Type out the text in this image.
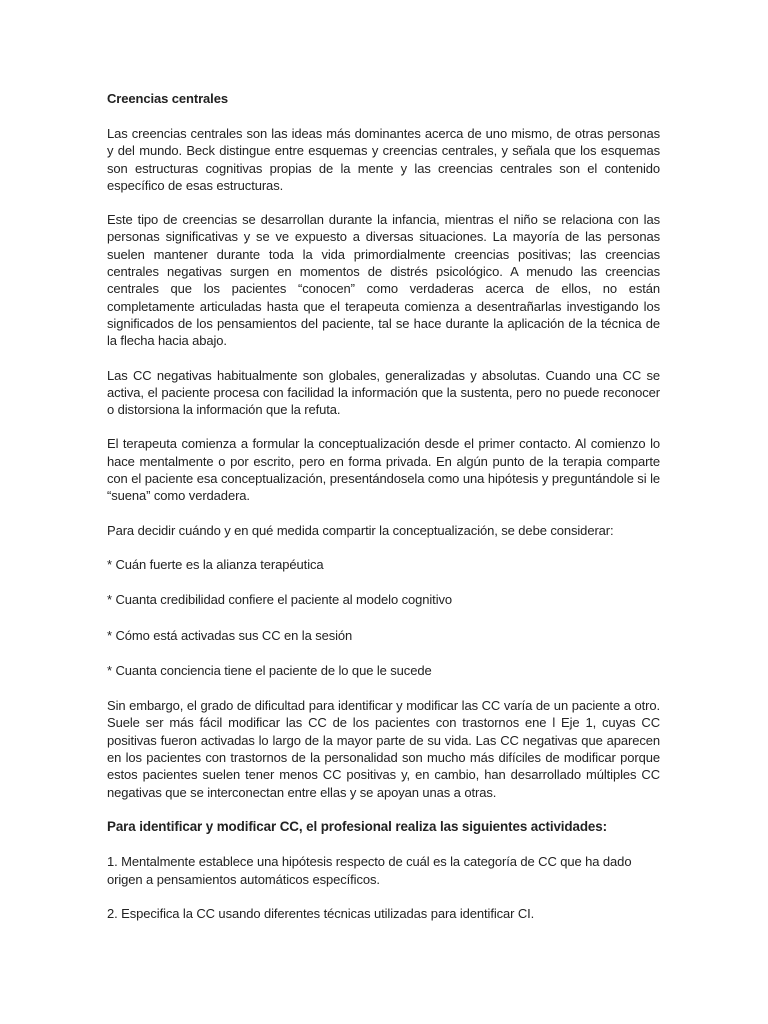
Creencias centrales

Las creencias centrales son las ideas más dominantes acerca de uno mismo, de otras personas y del mundo. Beck distingue entre esquemas y creencias centrales, y señala que los esquemas son estructuras cognitivas propias de la mente y las creencias centrales son el contenido específico de esas estructuras.

Este tipo de creencias se desarrollan durante la infancia, mientras el niño se relaciona con las personas significativas y se ve expuesto a diversas situaciones. La mayoría de las personas suelen mantener durante toda la vida primordialmente creencias positivas; las creencias centrales negativas surgen en momentos de distrés psicológico. A menudo las creencias centrales que los pacientes “conocen” como verdaderas acerca de ellos, no están completamente articuladas hasta que el terapeuta comienza a desentrañarlas investigando los significados de los pensamientos del paciente, tal se hace durante la aplicación de la técnica de la flecha hacia abajo.

Las CC negativas habitualmente son globales, generalizadas y absolutas. Cuando una CC se activa, el paciente procesa con facilidad la información que la sustenta, pero no puede reconocer o distorsiona la información que la refuta.

El terapeuta comienza a formular la conceptualización desde el primer contacto. Al comienzo lo hace mentalmente o por escrito, pero en forma privada. En algún punto de la terapia comparte con el paciente esa conceptualización, presentándosela como una hipótesis y preguntándole si le “suena” como verdadera.

Para decidir cuándo y en qué medida compartir la conceptualización, se debe considerar:

* Cuán fuerte es la alianza terapéutica
* Cuanta credibilidad confiere el paciente al modelo cognitivo
* Cómo está activadas sus CC en la sesión
* Cuanta conciencia tiene el paciente de lo que le sucede

Sin embargo, el grado de dificultad para identificar y modificar las CC varía de un paciente a otro. Suele ser más fácil modificar las CC de los pacientes con trastornos ene l Eje 1, cuyas CC positivas fueron activadas lo largo de la mayor parte de su vida. Las CC negativas que aparecen en los pacientes con trastornos de la personalidad son mucho más difíciles de modificar porque estos pacientes suelen tener menos CC positivas y, en cambio, han desarrollado múltiples CC negativas que se interconectan entre ellas y se apoyan unas a otras.

Para identificar y modificar CC, el profesional realiza las siguientes actividades:

1. Mentalmente establece una hipótesis respecto de cuál es la categoría de CC que ha dado origen a pensamientos automáticos específicos.

2. Especifica la CC usando diferentes técnicas utilizadas para identificar CI.
